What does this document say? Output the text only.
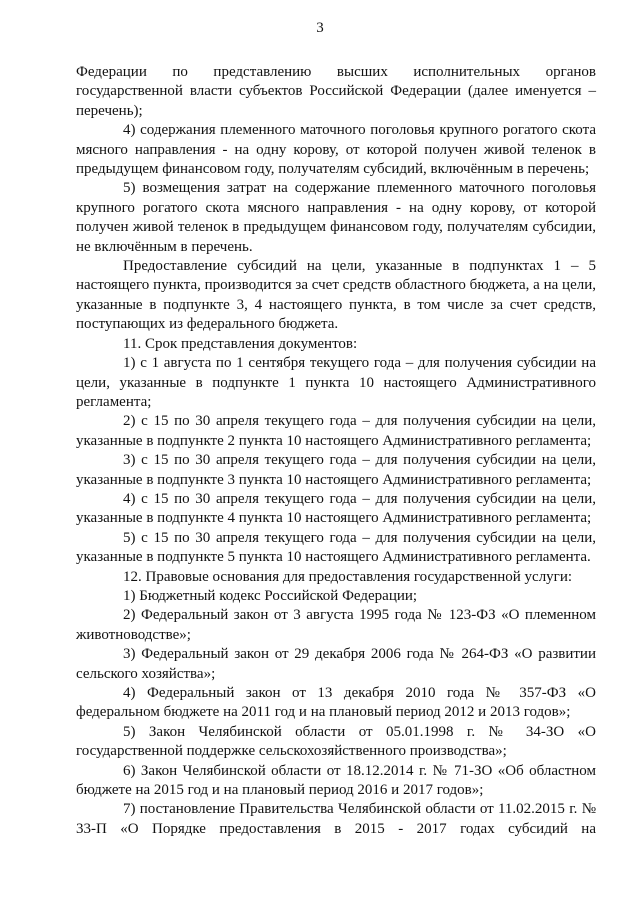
3

Федерации по представлению высших исполнительных органов государственной власти субъектов Российской Федерации (далее именуется – перечень);

4) содержания племенного маточного поголовья крупного рогатого скота мясного направления - на одну корову, от которой получен живой теленок в предыдущем финансовом году, получателям субсидий, включённым в перечень;

5) возмещения затрат на содержание племенного маточного поголовья крупного рогатого скота мясного направления - на одну корову, от которой получен живой теленок в предыдущем финансовом году, получателям субсидии, не включённым в перечень.

Предоставление субсидий на цели, указанные в подпунктах 1 – 5 настоящего пункта, производится за счет средств областного бюджета, а на цели, указанные в подпункте 3, 4 настоящего пункта, в том числе за счет средств, поступающих из федерального бюджета.

11. Срок представления документов:

1) с 1 августа по 1 сентября текущего года – для получения субсидии на цели, указанные в подпункте 1 пункта 10 настоящего Административного регламента;

2) с 15 по 30 апреля текущего года – для получения субсидии на цели, указанные в подпункте 2 пункта 10 настоящего Административного регламента;

3) с 15 по 30 апреля текущего года – для получения субсидии на цели, указанные в подпункте 3 пункта 10 настоящего Административного регламента;

4) с 15 по 30 апреля текущего года – для получения субсидии на цели, указанные в подпункте 4 пункта 10 настоящего Административного регламента;

5) с 15 по 30 апреля текущего года – для получения субсидии на цели, указанные в подпункте 5 пункта 10 настоящего Административного регламента.

12. Правовые основания для предоставления государственной услуги:

1) Бюджетный кодекс Российской Федерации;

2) Федеральный закон от 3 августа 1995 года № 123-ФЗ «О племенном животноводстве»;

3) Федеральный закон от 29 декабря 2006 года № 264-ФЗ «О развитии сельского хозяйства»;

4) Федеральный закон от 13 декабря 2010 года № 357-ФЗ «О федеральном бюджете на 2011 год и на плановый период 2012 и 2013 годов»;

5) Закон Челябинской области от 05.01.1998 г. № 34-ЗО «О государственной поддержке сельскохозяйственного производства»;

6) Закон Челябинской области от 18.12.2014 г. № 71-ЗО «Об областном бюджете на 2015 год и на плановый период 2016 и 2017 годов»;

7) постановление Правительства Челябинской области от 11.02.2015 г. № 33-П «О Порядке предоставления в 2015 - 2017 годах субсидий на
